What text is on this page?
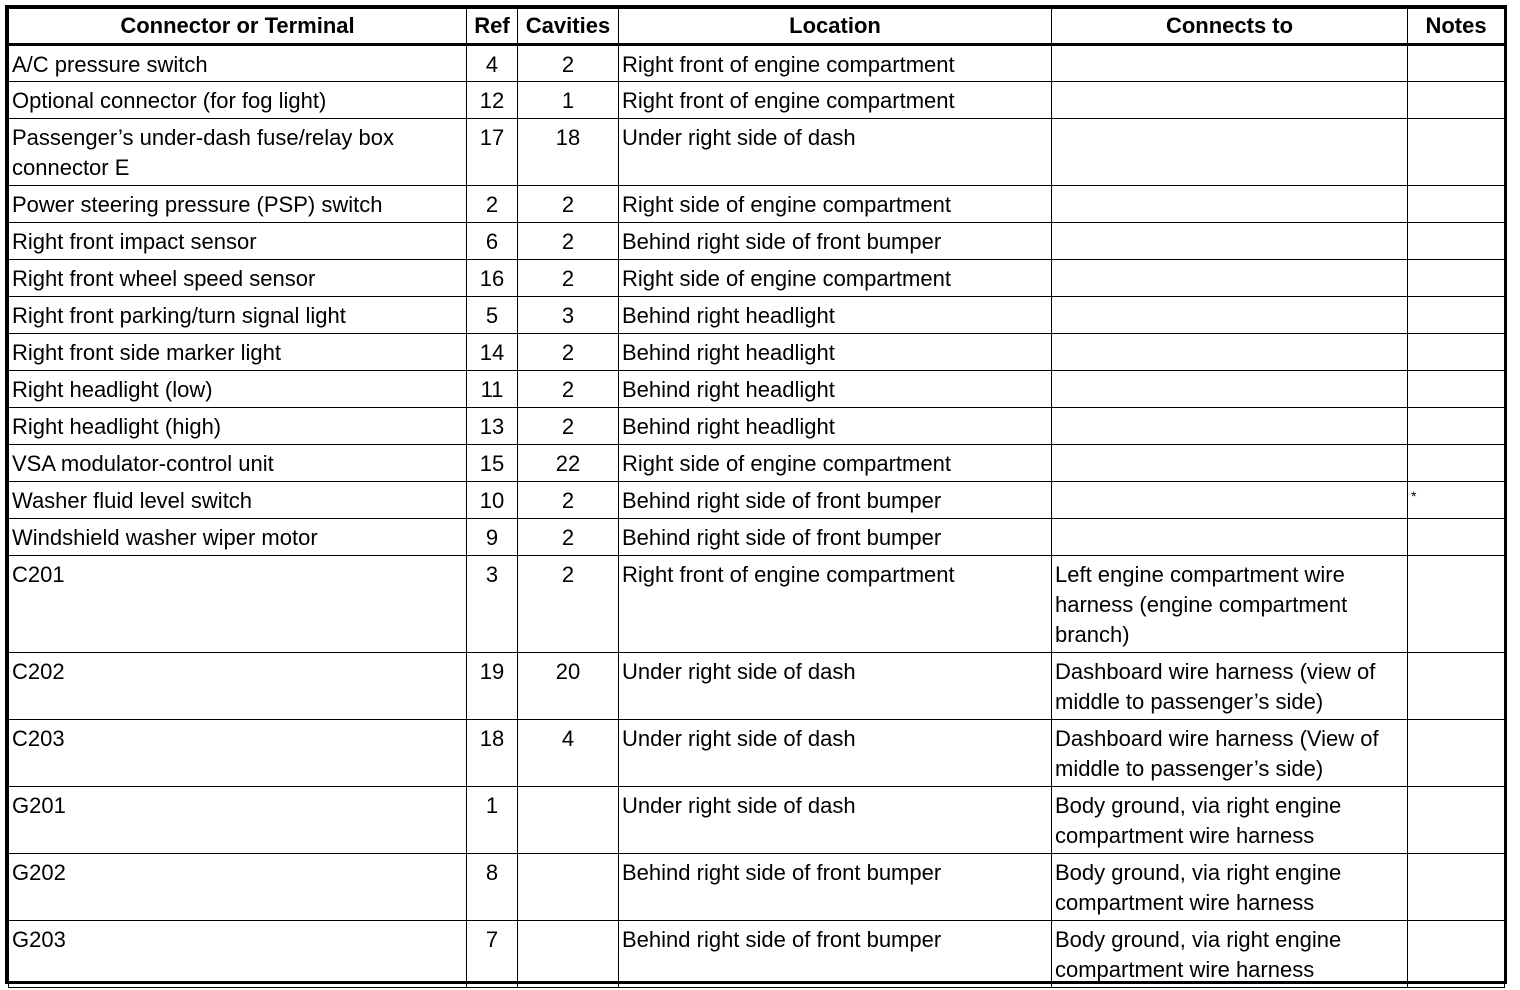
Connector or Terminal	Ref	Cavities	Location	Connects to	Notes
A/C pressure switch	4	2	Right front of engine compartment		
Optional connector (for fog light)	12	1	Right front of engine compartment		
Passenger’s under-dash fuse/relay box connector E	17	18	Under right side of dash		
Power steering pressure (PSP) switch	2	2	Right side of engine compartment		
Right front impact sensor	6	2	Behind right side of front bumper		
Right front wheel speed sensor	16	2	Right side of engine compartment		
Right front parking/turn signal light	5	3	Behind right headlight		
Right front side marker light	14	2	Behind right headlight		
Right headlight (low)	11	2	Behind right headlight		
Right headlight (high)	13	2	Behind right headlight		
VSA modulator-control unit	15	22	Right side of engine compartment		
Washer fluid level switch	10	2	Behind right side of front bumper		*
Windshield washer wiper motor	9	2	Behind right side of front bumper		
C201	3	2	Right front of engine compartment	Left engine compartment wire harness (engine compartment branch)	
C202	19	20	Under right side of dash	Dashboard wire harness (view of middle to passenger’s side)	
C203	18	4	Under right side of dash	Dashboard wire harness (View of middle to passenger’s side)	
G201	1		Under right side of dash	Body ground, via right engine compartment wire harness	
G202	8		Behind right side of front bumper	Body ground, via right engine compartment wire harness	
G203	7		Behind right side of front bumper	Body ground, via right engine compartment wire harness	
